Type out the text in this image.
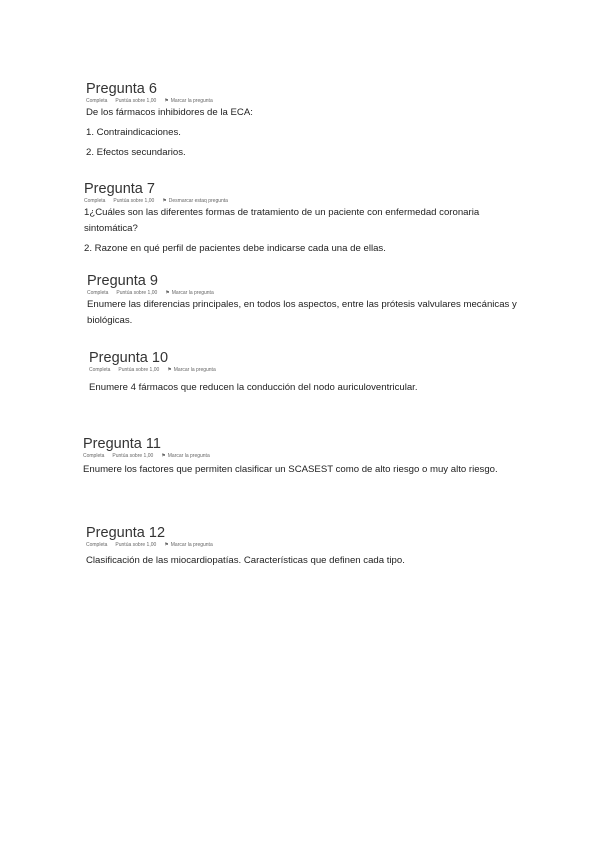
Pregunta 6
Completa Puntúa sobre 1,00	⚑ Marcar la pregunta

De los fármacos inhibidores de la ECA:

1. Contraindicaciones.

2. Efectos secundarios.

Pregunta 7
Completa Puntúa sobre 1,00	⚑ Desmarcar estaq pregunta

1¿Cuáles son las diferentes formas de tratamiento de un paciente con enfermedad coronaria sintomática?

2. Razone en qué perfil de pacientes debe indicarse cada una de ellas.

Pregunta 9
Completa Puntúa sobre 1,00	⚑ Marcar la pregunta

Enumere las diferencias principales, en todos los aspectos, entre las prótesis valvulares mecánicas y biológicas.

Pregunta 10
Completa Puntúa sobre 1,00	⚑ Marcar la pregunta

Enumere 4 fármacos que reducen la conducción del nodo auriculoventricular.

Pregunta 11
Completa Puntúa sobre 1,00	⚑ Marcar la pregunta

Enumere los factores que permiten clasificar un SCASEST como de alto riesgo o muy alto riesgo.

Pregunta 12
Completa Puntúa sobre 1,00	⚑ Marcar la pregunta

Clasificación de las miocardiopatías. Características que definen cada tipo.
